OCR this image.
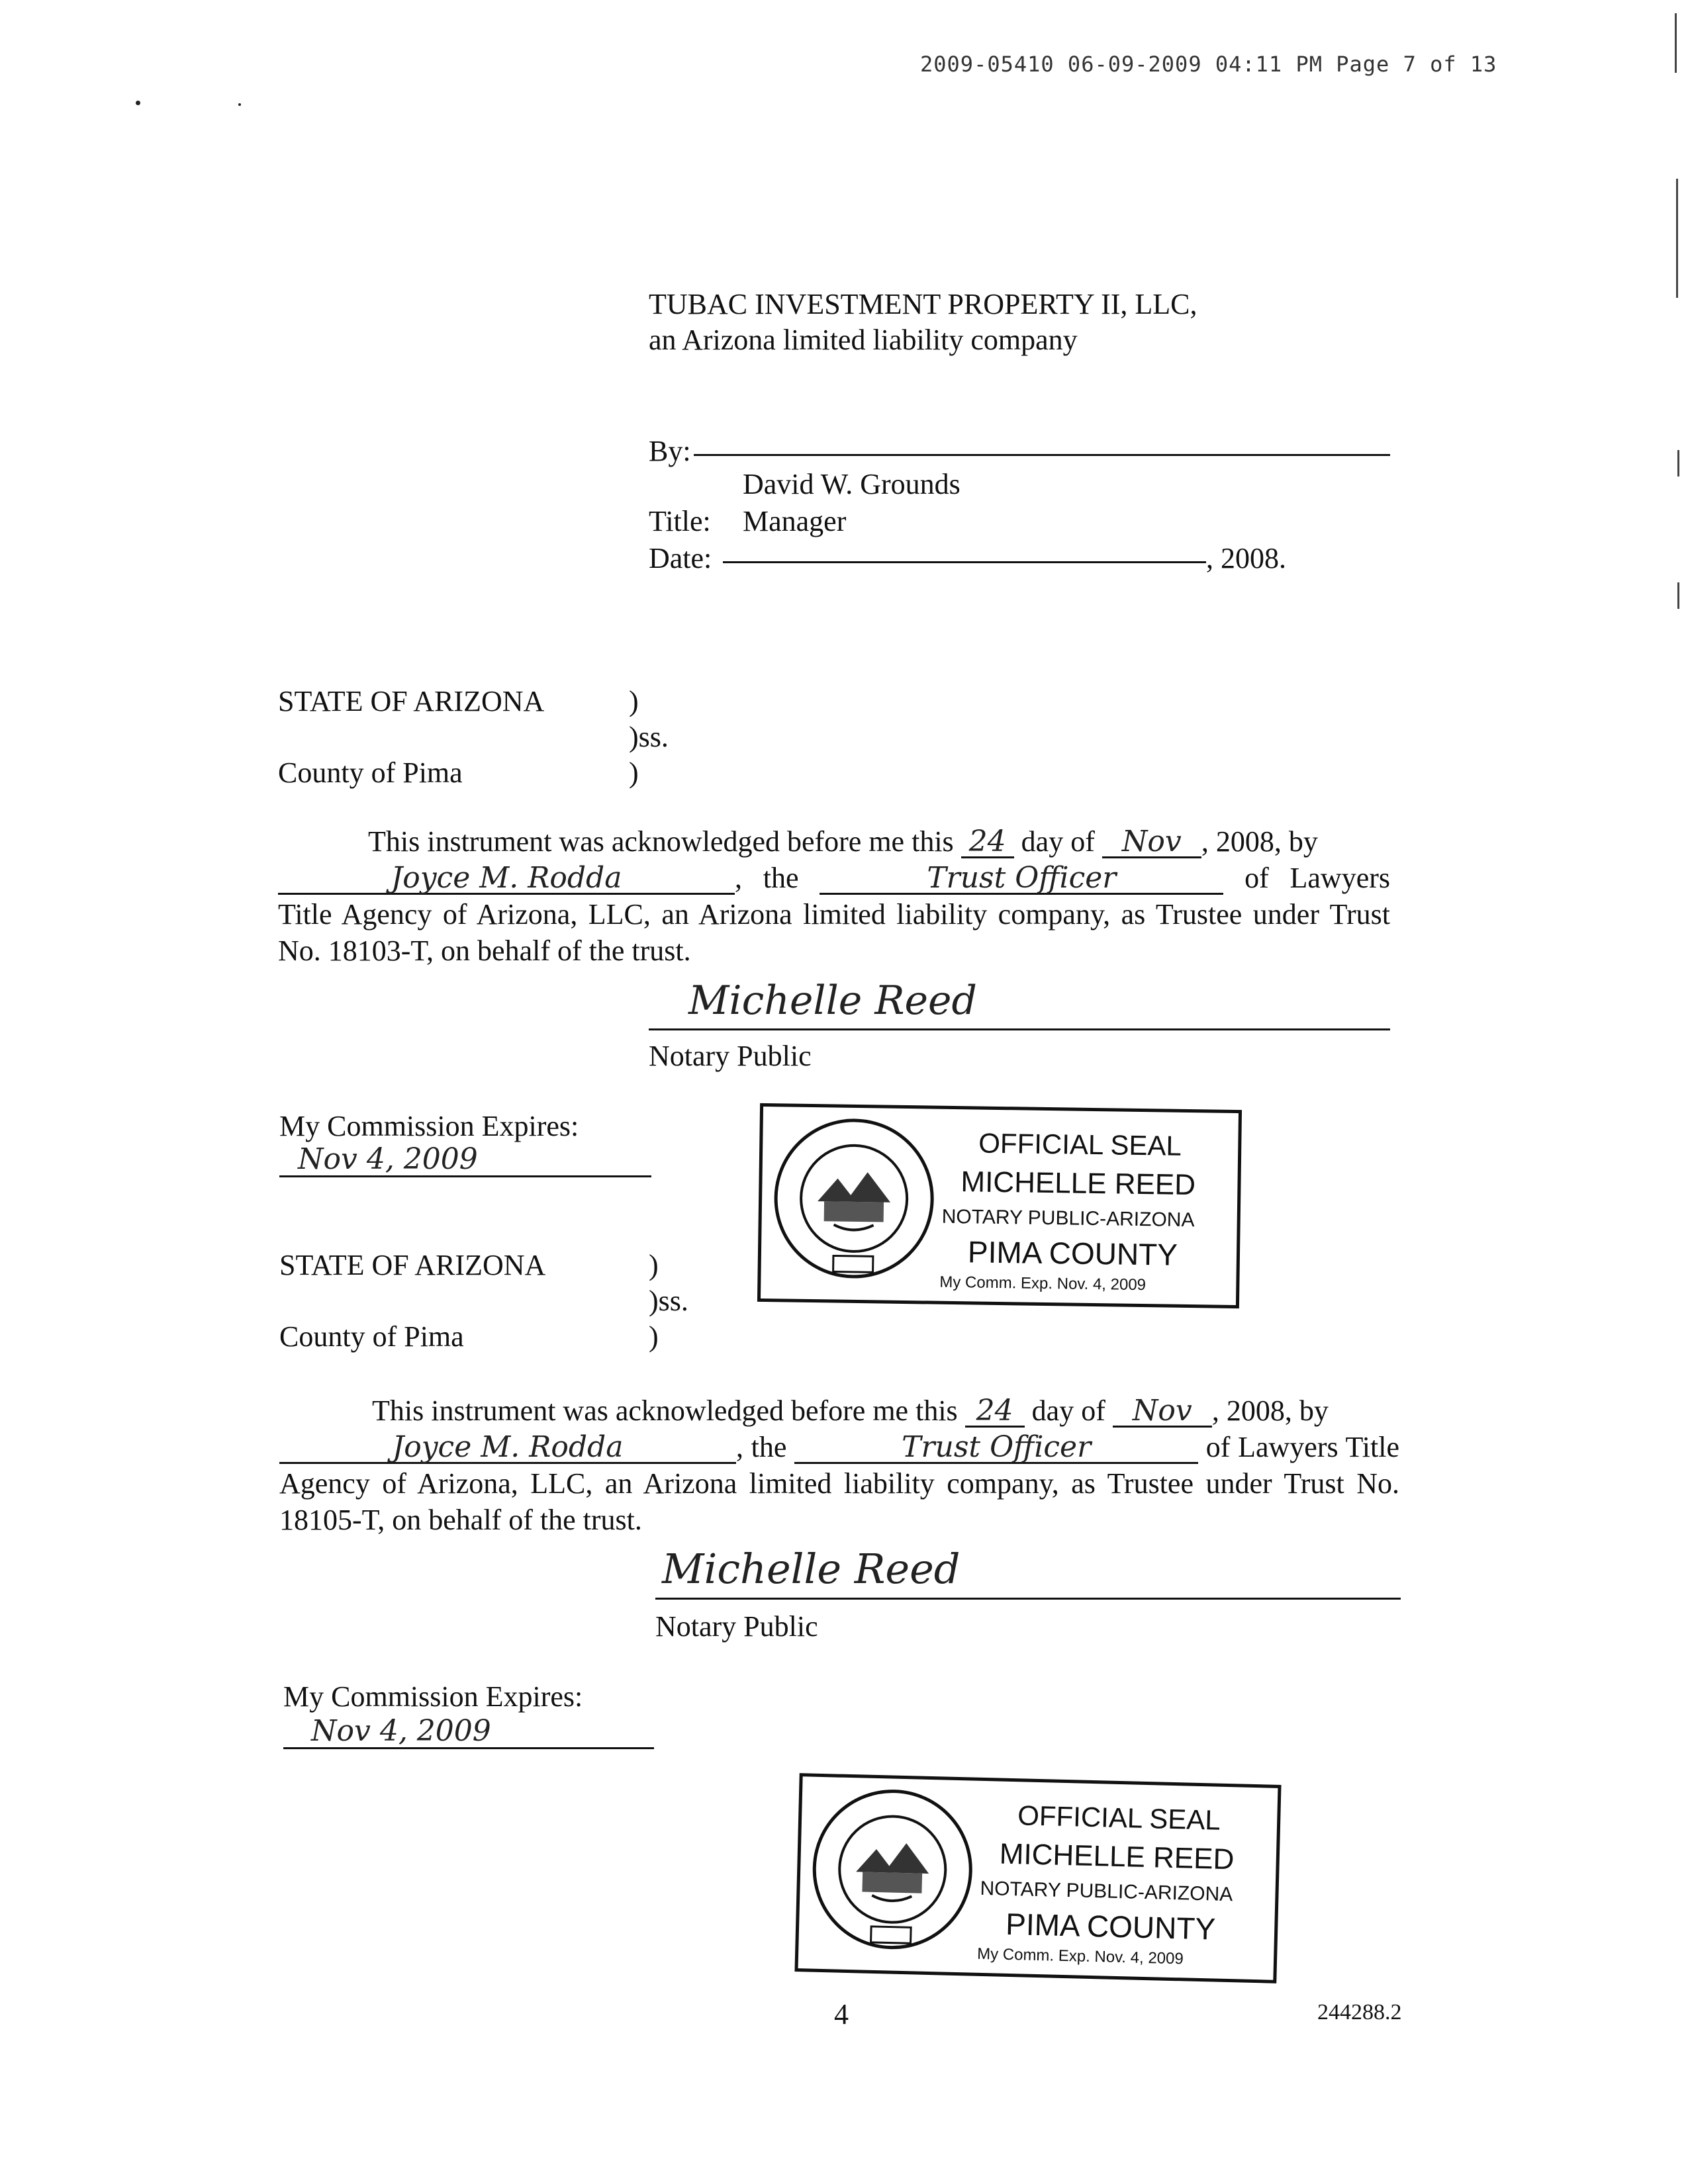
2009-05410 06-09-2009 04:11 PM Page 7 of 13
TUBAC INVESTMENT PROPERTY II, LLC,
an Arizona limited liability company
By:
David W. Grounds
Title: Manager
Date:	, 2008.
STATE OF ARIZONA	)
)ss.
County of Pima	)
This instrument was acknowledged before me this 24 day of Nov , 2008, by
Joyce M. Rodda	, the	Trust Officer	of Lawyers Title Agency of Arizona, LLC, an Arizona limited liability company, as Trustee under Trust No. 18103-T, on behalf of the trust.
Michelle Reed
Notary Public
My Commission Expires:
Nov 4, 2009	OFFICIAL SEAL
MICHELLE REED
NOTARY PUBLIC-ARIZONA
PIMA COUNTY
My Comm. Exp. Nov. 4, 2009
STATE OF ARIZONA	)
)ss.
County of Pima	)
This instrument was acknowledged before me this 24 day of Nov , 2008, by
Joyce M. Rodda	, the	Trust Officer	of Lawyers Title Agency of Arizona, LLC, an Arizona limited liability company, as Trustee under Trust No. 18105-T, on behalf of the trust.
Michelle Reed
Notary Public
My Commission Expires:
Nov 4, 2009
OFFICIAL SEAL
MICHELLE REED
NOTARY PUBLIC-ARIZONA
PIMA COUNTY
My Comm. Exp. Nov. 4, 2009
4	244288.2
